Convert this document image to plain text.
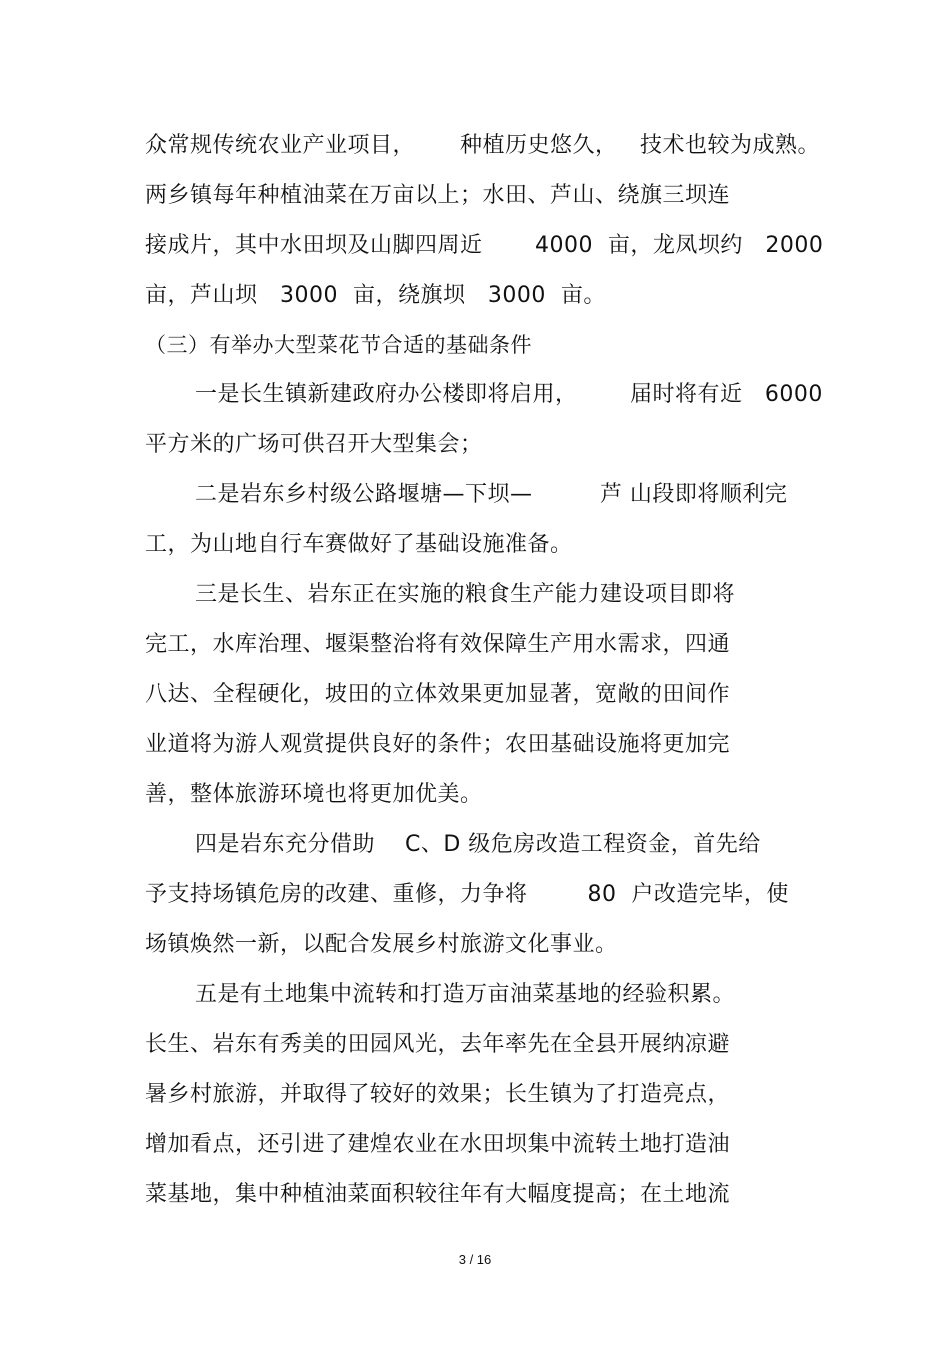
众常规传统农业产业项目，      种植历史悠久，   技术也较为成熟。
两乡镇每年种植油菜在万亩以上；水田、芦山、绕旗三坝连
接成片，其中水田坝及山脚四周近       4000  亩，龙凤坝约   2000
亩，芦山坝   3000  亩，绕旗坝   3000  亩。
（三）有举办大型菜花节合适的基础条件
一是长生镇新建政府办公楼即将启用，       届时将有近   6000
平方米的广场可供召开大型集会；
二是岩东乡村级公路堰塘—下坝—         芦 山段即将顺利完
工，为山地自行车赛做好了基础设施准备。
三是长生、岩东正在实施的粮食生产能力建设项目即将
完工，水库治理、堰渠整治将有效保障生产用水需求，四通
八达、全程硬化，坡田的立体效果更加显著，宽敞的田间作
业道将为游人观赏提供良好的条件；农田基础设施将更加完
善，整体旅游环境也将更加优美。
四是岩东充分借助    C、D 级危房改造工程资金，首先给
予支持场镇危房的改建、重修，力争将        80  户改造完毕，使
场镇焕然一新，以配合发展乡村旅游文化事业。
五是有土地集中流转和打造万亩油菜基地的经验积累。
长生、岩东有秀美的田园风光，去年率先在全县开展纳凉避
暑乡村旅游，并取得了较好的效果；长生镇为了打造亮点，
增加看点，还引进了建煌农业在水田坝集中流转土地打造油
菜基地，集中种植油菜面积较往年有大幅度提高；在土地流
3 / 16
